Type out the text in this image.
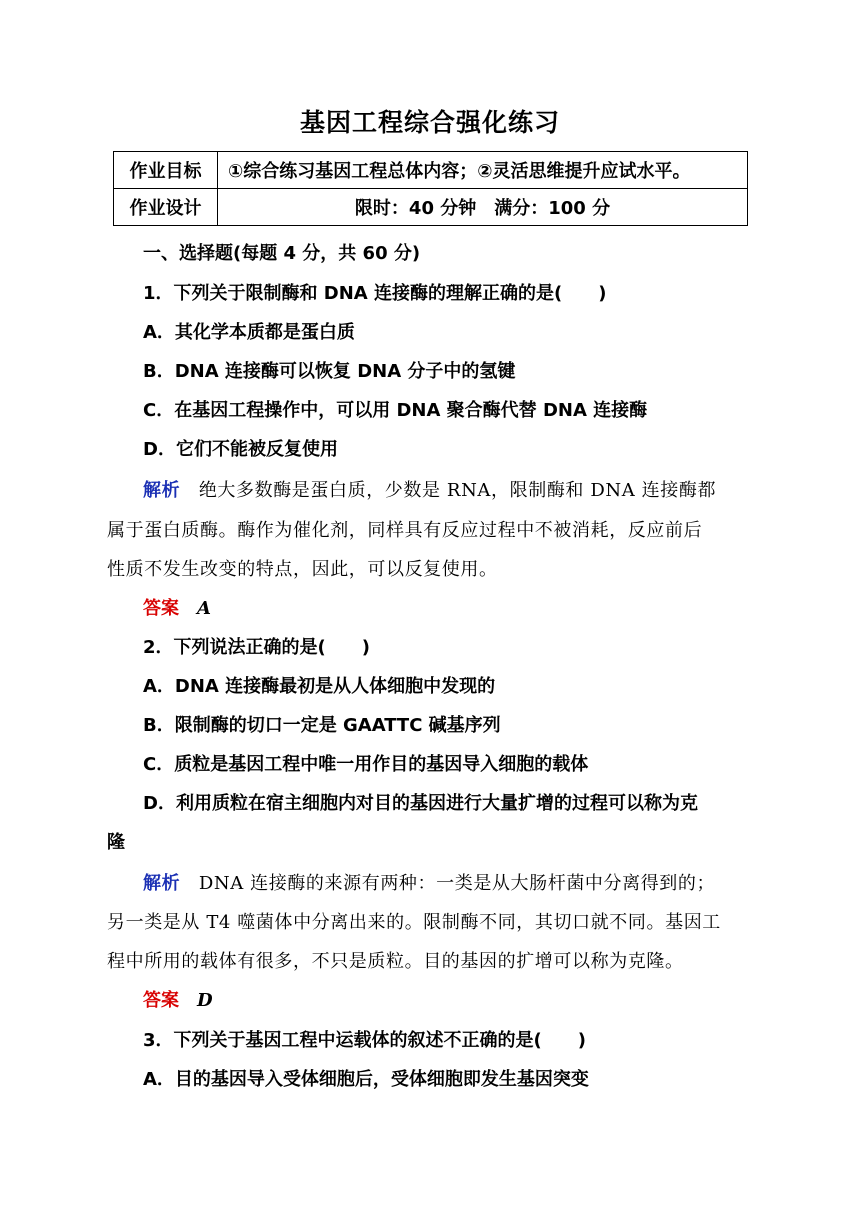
基因工程综合强化练习
作业目标	①综合练习基因工程总体内容；②灵活思维提升应试水平。
作业设计	限时：40 分钟　满分：100 分
一、选择题(每题 4 分，共 60 分)
1．下列关于限制酶和 DNA 连接酶的理解正确的是(　　)
A．其化学本质都是蛋白质
B．DNA 连接酶可以恢复 DNA 分子中的氢键
C．在基因工程操作中，可以用 DNA 聚合酶代替 DNA 连接酶
D．它们不能被反复使用
解析　 绝大多数酶是蛋白质，少数是 RNA，限制酶和 DNA 连接酶都
属于蛋白质酶。酶作为催化剂，同样具有反应过程中不被消耗，反应前后
性质不发生改变的特点，因此，可以反复使用。
答案　 A
2．下列说法正确的是(　　)
A．DNA 连接酶最初是从人体细胞中发现的
B．限制酶的切口一定是 GAATTC 碱基序列
C．质粒是基因工程中唯一用作目的基因导入细胞的载体
D．利用质粒在宿主细胞内对目的基因进行大量扩增的过程可以称为克
隆
解析　 DNA 连接酶的来源有两种：一类是从大肠杆菌中分离得到的；
另一类是从 T4 噬菌体中分离出来的。限制酶不同，其切口就不同。基因工
程中所用的载体有很多，不只是质粒。目的基因的扩增可以称为克隆。
答案　 D
3．下列关于基因工程中运载体的叙述不正确的是(　　)
A．目的基因导入受体细胞后，受体细胞即发生基因突变
